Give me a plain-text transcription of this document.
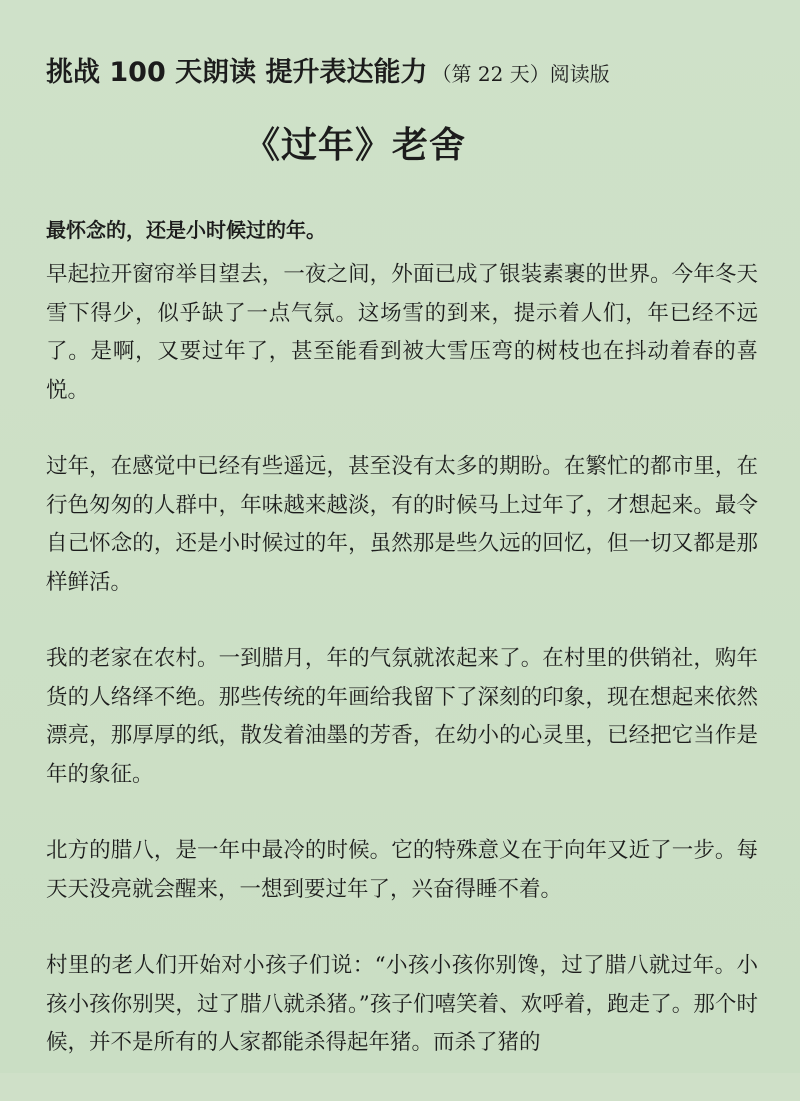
挑战 100 天朗读 提升表达能力 （第 22 天）阅读版
《过年》老舍
最怀念的，还是小时候过的年。

早起拉开窗帘举目望去，一夜之间，外面已成了银装素裹的世界。今年冬天雪下得少，似乎缺了一点气氛。这场雪的到来，提示着人们，年已经不远了。是啊，又要过年了，甚至能看到被大雪压弯的树枝也在抖动着春的喜悦。

过年，在感觉中已经有些遥远，甚至没有太多的期盼。在繁忙的都市里，在行色匆匆的人群中，年味越来越淡，有的时候马上过年了，才想起来。最令自己怀念的，还是小时候过的年，虽然那是些久远的回忆，但一切又都是那样鲜活。

我的老家在农村。一到腊月，年的气氛就浓起来了。在村里的供销社，购年货的人络绎不绝。那些传统的年画给我留下了深刻的印象，现在想起来依然漂亮，那厚厚的纸，散发着油墨的芳香，在幼小的心灵里，已经把它当作是年的象征。

北方的腊八，是一年中最冷的时候。它的特殊意义在于向年又近了一步。每天天没亮就会醒来，一想到要过年了，兴奋得睡不着。

村里的老人们开始对小孩子们说：“小孩小孩你别馋，过了腊八就过年。小孩小孩你别哭，过了腊八就杀猪。”孩子们嘻笑着、欢呼着，跑走了。那个时候，并不是所有的人家都能杀得起年猪。而杀了猪的
